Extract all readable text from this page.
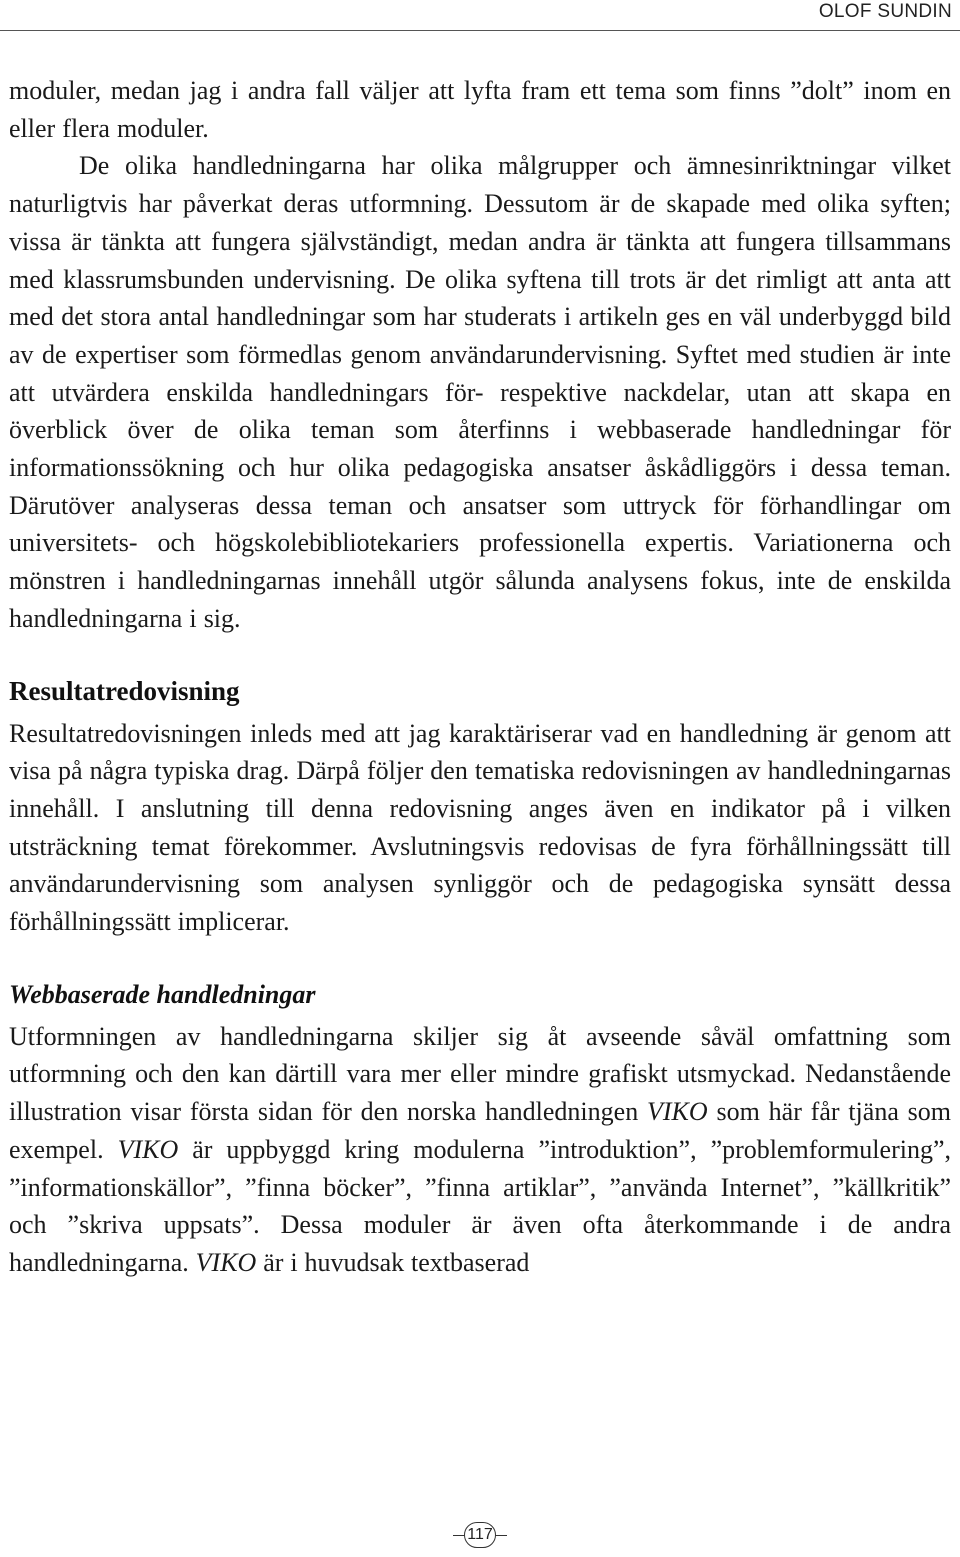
OLOF SUNDIN

moduler, medan jag i andra fall väljer att lyfta fram ett tema som finns ”dolt” inom en eller flera moduler.

De olika handledningarna har olika målgrupper och ämnesinriktningar vilket naturligtvis har påverkat deras utformning. Dessutom är de skapade med olika syften; vissa är tänkta att fungera självständigt, medan andra är tänkta att fungera tillsammans med klassrumsbunden undervisning. De olika syftena till trots är det rimligt att anta att med det stora antal handledningar som har studerats i artikeln ges en väl underbyggd bild av de expertiser som förmedlas genom användarundervisning. Syftet med studien är inte att utvärdera enskilda handledningars för- respektive nackdelar, utan att skapa en överblick över de olika teman som återfinns i webbaserade handledningar för informationssökning och hur olika pedagogiska ansatser åskådliggörs i dessa teman. Därutöver analyseras dessa teman och ansatser som uttryck för förhandlingar om universitets- och högskolebibliotekariers professionella expertis. Variationerna och mönstren i handledningarnas innehåll utgör sålunda analysens fokus, inte de enskilda handledningarna i sig.

Resultatredovisning

Resultatredovisningen inleds med att jag karaktäriserar vad en handledning är genom att visa på några typiska drag. Därpå följer den tematiska redovisningen av handledningarnas innehåll. I anslutning till denna redovisning anges även en indikator på i vilken utsträckning temat förekommer. Avslutningsvis redovisas de fyra förhållningssätt till användarundervisning som analysen synliggör och de pedagogiska synsätt dessa förhållningssätt implicerar.

Webbaserade handledningar

Utformningen av handledningarna skiljer sig åt avseende såväl omfattning som utformning och den kan därtill vara mer eller mindre grafiskt utsmyckad. Nedanstående illustration visar första sidan för den norska handledningen VIKO som här får tjäna som exempel. VIKO är uppbyggd kring modulerna ”introduktion”, ”problemformulering”, ”informationskällor”, ”finna böcker”, ”finna artiklar”, ”använda Internet”, ”källkritik” och ”skriva uppsats”. Dessa moduler är även ofta återkommande i de andra handledningarna. VIKO är i huvudsak textbaserad

117
